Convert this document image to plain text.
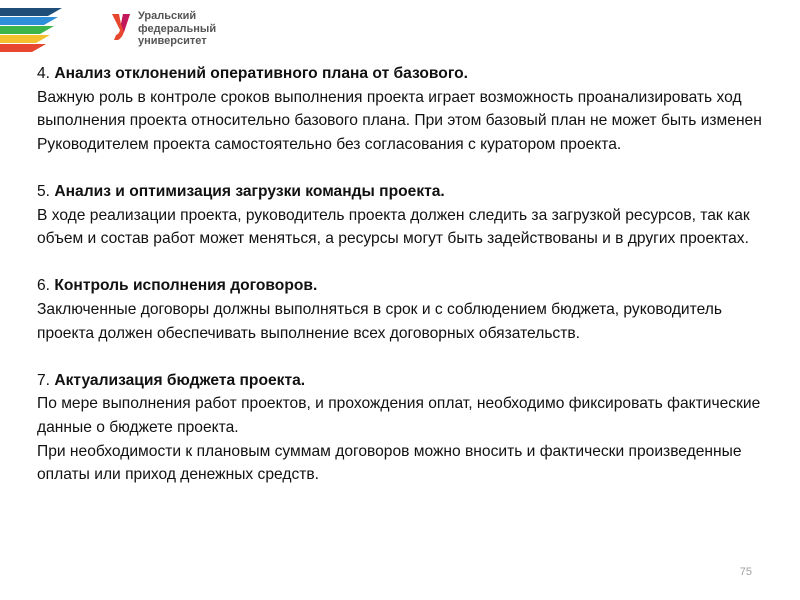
Уральский
федеральный
университет
4. Анализ отклонений оперативного плана от базового.
Важную роль в контроле сроков выполнения проекта играет возможность проанализировать ход выполнения проекта относительно базового плана. При этом базовый план не может быть изменен Руководителем проекта самостоятельно без согласования с куратором проекта.
5. Анализ и оптимизация загрузки команды проекта.
В ходе реализации проекта, руководитель проекта должен следить за загрузкой ресурсов, так как объем и состав работ может меняться, а ресурсы могут быть задействованы и в других проектах.
6. Контроль исполнения договоров.
Заключенные договоры должны выполняться в срок и с соблюдением бюджета, руководитель проекта должен обеспечивать выполнение всех договорных обязательств.
7. Актуализация бюджета проекта.
По мере выполнения работ проектов, и прохождения оплат, необходимо фиксировать фактические данные о бюджете проекта.
При необходимости к плановым суммам договоров можно вносить и фактически произведенные оплаты или приход денежных средств.
75
